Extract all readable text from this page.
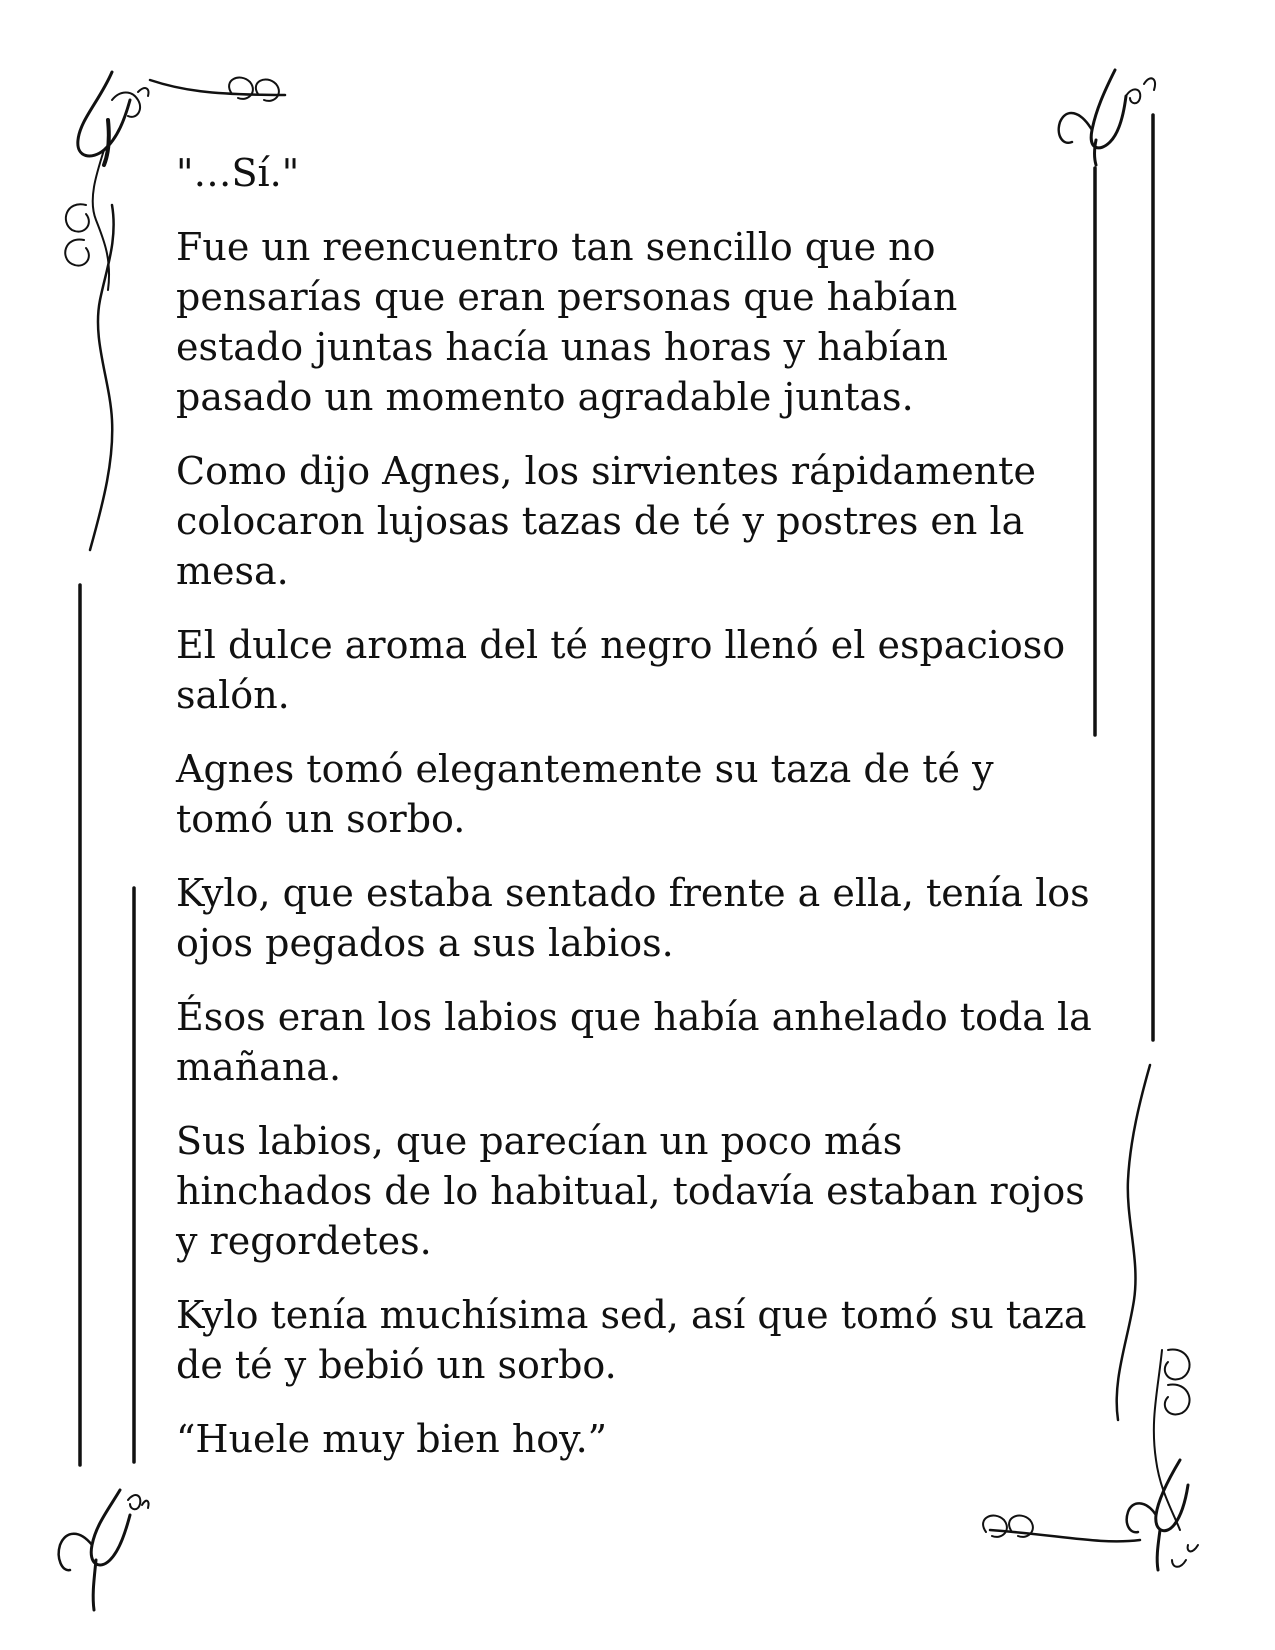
"…Sí."

Fue un reencuentro tan sencillo que no pensarías que eran personas que habían estado juntas hacía unas horas y habían pasado un momento agradable juntas.

Como dijo Agnes, los sirvientes rápidamente colocaron lujosas tazas de té y postres en la mesa.

El dulce aroma del té negro llenó el espacioso salón.

Agnes tomó elegantemente su taza de té y tomó un sorbo.

Kylo, que estaba sentado frente a ella, tenía los ojos pegados a sus labios.

Ésos eran los labios que había anhelado toda la mañana.

Sus labios, que parecían un poco más hinchados de lo habitual, todavía estaban rojos y regordetes.

Kylo tenía muchísima sed, así que tomó su taza de té y bebió un sorbo.

“Huele muy bien hoy.”
